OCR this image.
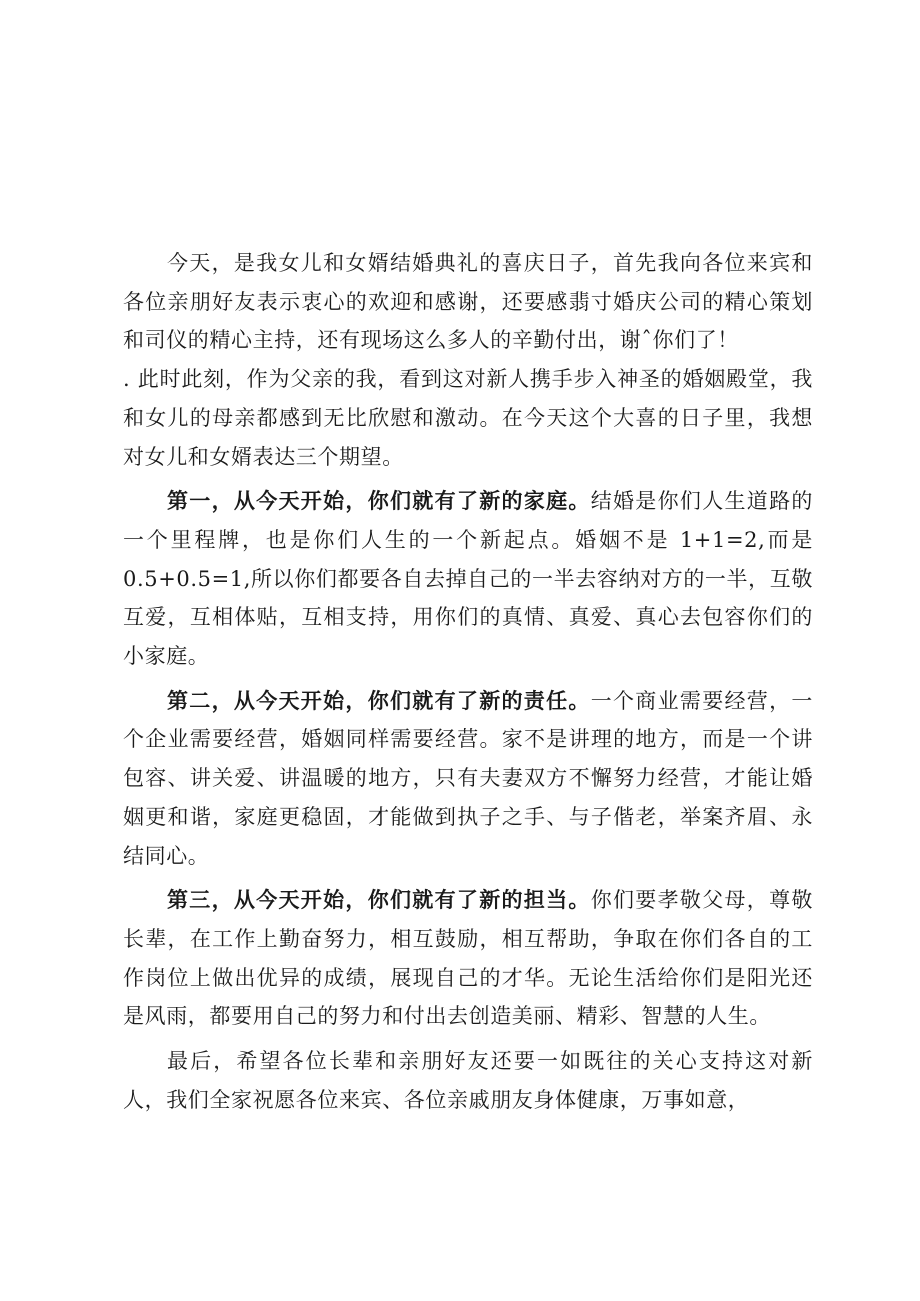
今天，是我女儿和女婿结婚典礼的喜庆日子，首先我向各位来宾和各位亲朋好友表示衷心的欢迎和感谢，还要感翡寸婚庆公司的精心策划和司仪的精心主持，还有现场这么多人的辛勤付出，谢ˆ你们了！

. 此时此刻，作为父亲的我，看到这对新人携手步入神圣的婚姻殿堂，我和女儿的母亲都感到无比欣慰和激动。在今天这个大喜的日子里，我想对女儿和女婿表达三个期望。

第一，从今天开始，你们就有了新的家庭。结婚是你们人生道路的一个里程牌，也是你们人生的一个新起点。婚姻不是 1+1=2,而是 0.5+0.5=1,所以你们都要各自去掉自己的一半去容纳对方的一半，互敬互爱，互相体贴，互相支持，用你们的真情、真爱、真心去包容你们的小家庭。

第二，从今天开始，你们就有了新的责任。一个商业需要经营，一个企业需要经营，婚姻同样需要经营。家不是讲理的地方，而是一个讲包容、讲关爱、讲温暖的地方，只有夫妻双方不懈努力经营，才能让婚姻更和谐，家庭更稳固，才能做到执子之手、与子偕老，举案齐眉、永结同心。

第三，从今天开始，你们就有了新的担当。你们要孝敬父母，尊敬长辈，在工作上勤奋努力，相互鼓励，相互帮助，争取在你们各自的工作岗位上做出优异的成绩，展现自己的才华。无论生活给你们是阳光还是风雨，都要用自己的努力和付出去创造美丽、精彩、智慧的人生。

最后，希望各位长辈和亲朋好友还要一如既往的关心支持这对新人，我们全家祝愿各位来宾、各位亲戚朋友身体健康，万事如意，
